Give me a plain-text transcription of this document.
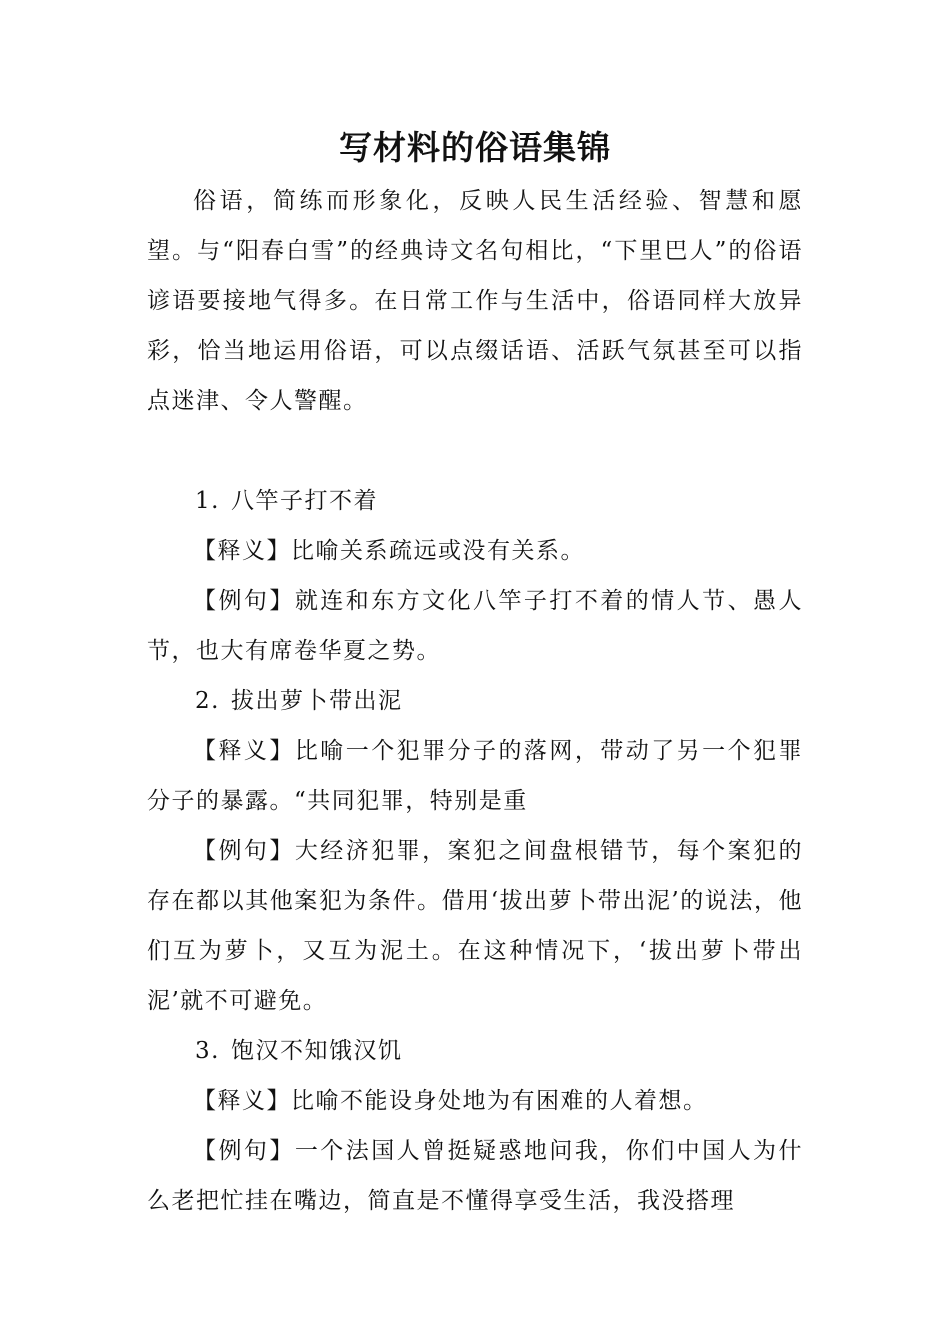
写材料的俗语集锦

俗语，简练而形象化，反映人民生活经验、智慧和愿望。与“阳春白雪”的经典诗文名句相比，“下里巴人”的俗语谚语要接地气得多。在日常工作与生活中，俗语同样大放异彩，恰当地运用俗语，可以点缀话语、活跃气氛甚至可以指点迷津、令人警醒。

1. 八竿子打不着

【释义】比喻关系疏远或没有关系。

【例句】就连和东方文化八竿子打不着的情人节、愚人节，也大有席卷华夏之势。

2. 拔出萝卜带出泥

【释义】比喻一个犯罪分子的落网，带动了另一个犯罪分子的暴露。“共同犯罪，特别是重

【例句】大经济犯罪，案犯之间盘根错节，每个案犯的存在都以其他案犯为条件。借用‘拔出萝卜带出泥’的说法，他们互为萝卜，又互为泥土。在这种情况下，‘拔出萝卜带出泥’就不可避免。

3. 饱汉不知饿汉饥

【释义】比喻不能设身处地为有困难的人着想。

【例句】一个法国人曾挺疑惑地问我，你们中国人为什么老把忙挂在嘴边，简直是不懂得享受生活，我没搭理
